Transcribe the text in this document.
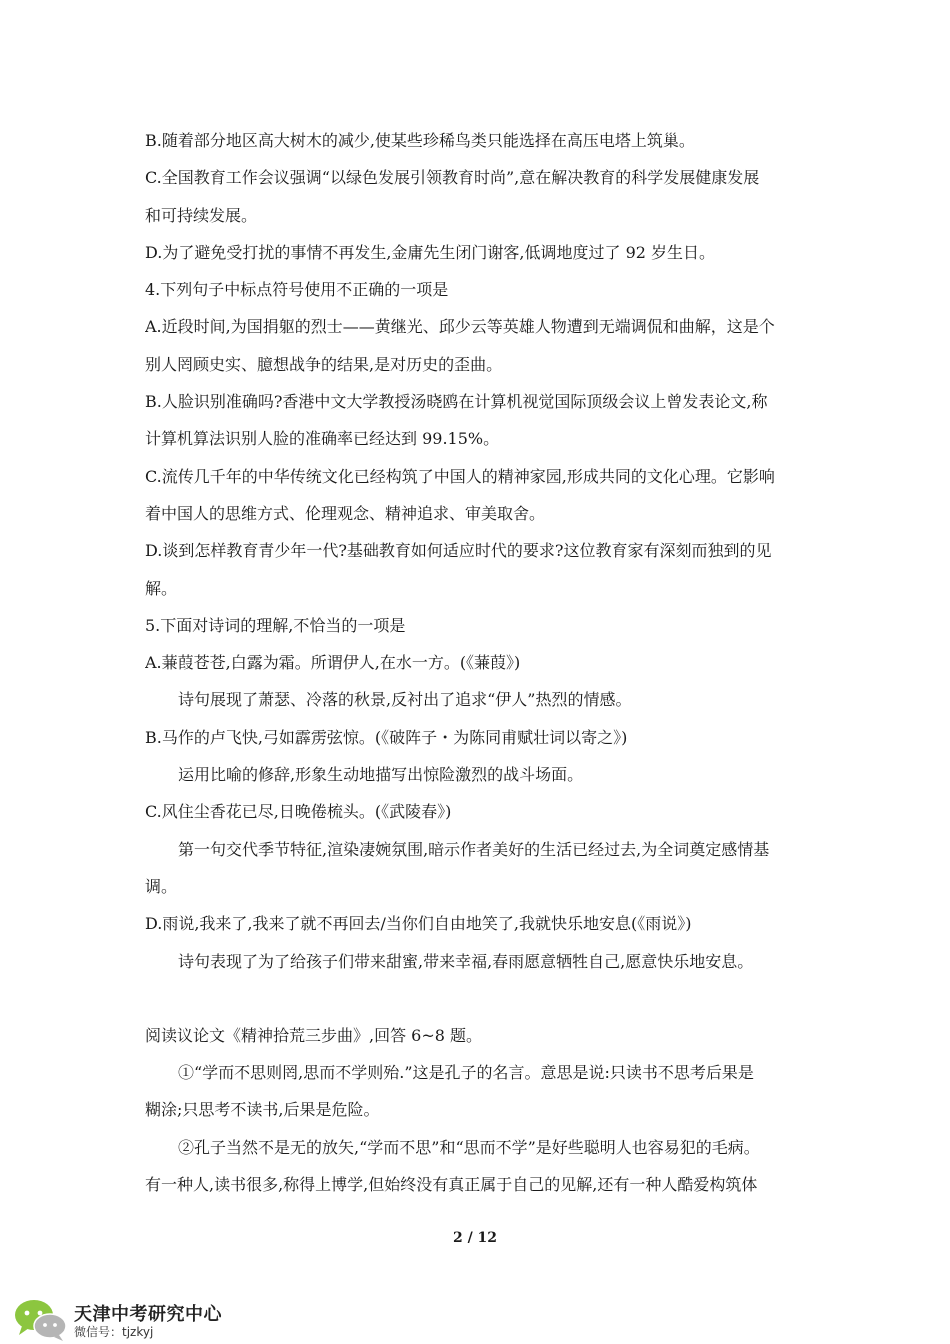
B.随着部分地区高大树木的减少,使某些珍稀鸟类只能选择在高压电塔上筑巢。
C.全国教育工作会议强调“以绿色发展引领教育时尚”,意在解决教育的科学发展健康发展
和可持续发展。
D.为了避免受打扰的事情不再发生,金庸先生闭门谢客,低调地度过了 92 岁生日。
4.下列句子中标点符号使用不正确的一项是
A.近段时间,为国捐躯的烈士——黄继光、邱少云等英雄人物遭到无端调侃和曲解，这是个
别人罔顾史实、臆想战争的结果,是对历史的歪曲。
B.人脸识别准确吗?香港中文大学教授汤晓鸥在计算机视觉国际顶级会议上曾发表论文,称
计算机算法识别人脸的准确率已经达到 99.15%。
C.流传几千年的中华传统文化已经构筑了中国人的精神家园,形成共同的文化心理。它影响
着中国人的思维方式、伦理观念、精神追求、审美取舍。
D.谈到怎样教育青少年一代?基础教育如何适应时代的要求?这位教育家有深刻而独到的见
解。
5.下面对诗词的理解,不恰当的一项是
A.蒹葭苍苍,白露为霜。所谓伊人,在水一方。(《蒹葭》)
诗句展现了萧瑟、冷落的秋景,反衬出了追求“伊人”热烈的情感。
B.马作的卢飞快,弓如霹雳弦惊。(《破阵子・为陈同甫赋壮词以寄之》)
运用比喻的修辞,形象生动地描写出惊险激烈的战斗场面。
C.风住尘香花已尽,日晚倦梳头。(《武陵春》)
第一句交代季节特征,渲染凄婉氛围,暗示作者美好的生活已经过去,为全词奠定感情基
调。
D.雨说,我来了,我来了就不再回去/当你们自由地笑了,我就快乐地安息(《雨说》)
诗句表现了为了给孩子们带来甜蜜,带来幸福,春雨愿意牺牲自己,愿意快乐地安息。
阅读议论文《精神拾荒三步曲》,回答 6~8 题。
①“学而不思则罔,思而不学则殆.”这是孔子的名言。意思是说:只读书不思考后果是
糊涂;只思考不读书,后果是危险。
②孔子当然不是无的放矢,“学而不思”和“思而不学”是好些聪明人也容易犯的毛病。
有一种人,读书很多,称得上博学,但始终没有真正属于自己的见解,还有一种人酷爱构筑体
2 / 12
天津中考研究中心
微信号：tjzkyj
